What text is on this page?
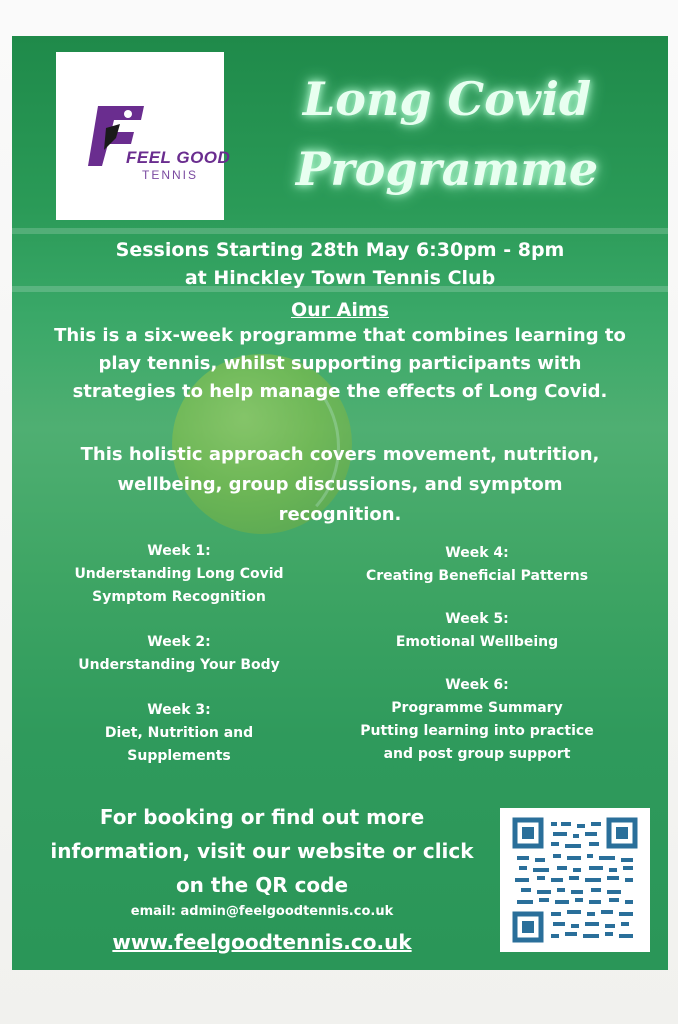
FEEL GOOD
TENNIS
Long Covid
Programme
Sessions Starting 28th May 6:30pm - 8pm
at Hinckley Town Tennis Club
Our Aims
This is a six-week programme that combines learning to
play tennis, whilst supporting participants with
strategies to help manage the effects of Long Covid.
This holistic approach covers movement, nutrition,
wellbeing, group discussions, and symptom
recognition.
Week 1:
Understanding Long Covid
Symptom Recognition
Week 2:
Understanding Your Body
Week 3:
Diet, Nutrition and
Supplements
Week 4:
Creating Beneficial Patterns
Week 5:
Emotional Wellbeing
Week 6:
Programme Summary
Putting learning into practice
and post group support
For booking or find out more
information, visit our website or click
on the QR code
email: admin@feelgoodtennis.co.uk
www.feelgoodtennis.co.uk
